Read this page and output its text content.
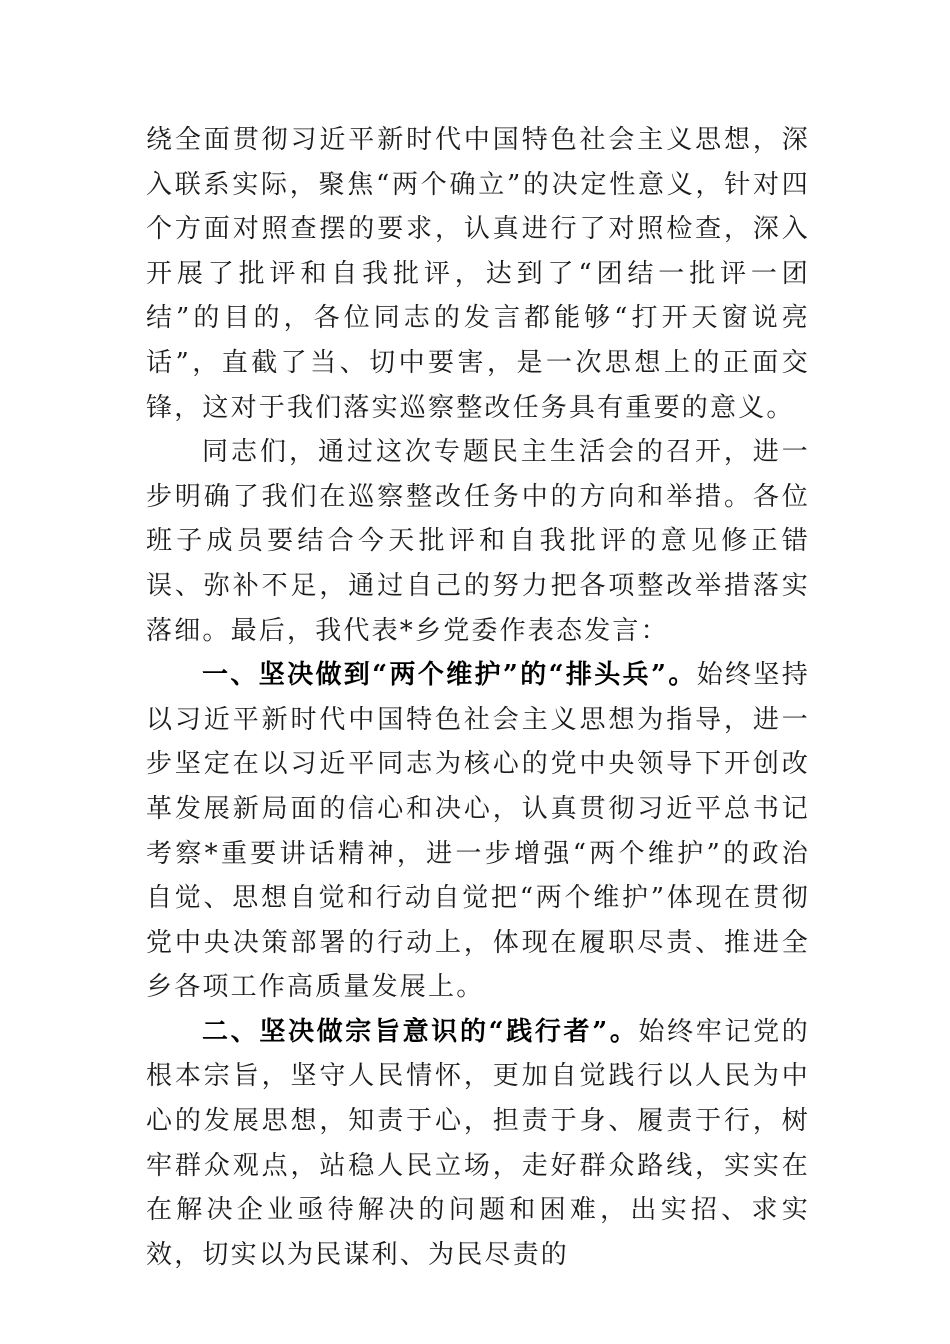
绕全面贯彻习近平新时代中国特色社会主义思想，深入联系实际，聚焦“两个确立”的决定性意义，针对四个方面对照查摆的要求，认真进行了对照检查，深入开展了批评和自我批评，达到了“团结一批评一团结”的目的，各位同志的发言都能够“打开天窗说亮话”，直截了当、切中要害，是一次思想上的正面交锋，这对于我们落实巡察整改任务具有重要的意义。

同志们，通过这次专题民主生活会的召开，进一步明确了我们在巡察整改任务中的方向和举措。各位班子成员要结合今天批评和自我批评的意见修正错误、弥补不足，通过自己的努力把各项整改举措落实落细。最后，我代表*乡党委作表态发言：

一、坚决做到“两个维护”的“排头兵”。始终坚持以习近平新时代中国特色社会主义思想为指导，进一步坚定在以习近平同志为核心的党中央领导下开创改革发展新局面的信心和决心，认真贯彻习近平总书记考察*重要讲话精神，进一步增强“两个维护”的政治自觉、思想自觉和行动自觉把“两个维护”体现在贯彻党中央决策部署的行动上，体现在履职尽责、推进全乡各项工作高质量发展上。

二、坚决做宗旨意识的“践行者”。始终牢记党的根本宗旨，坚守人民情怀，更加自觉践行以人民为中心的发展思想，知责于心，担责于身、履责于行，树牢群众观点，站稳人民立场，走好群众路线，实实在在解决企业亟待解决的问题和困难，出实招、求实效，切实以为民谋利、为民尽责的
